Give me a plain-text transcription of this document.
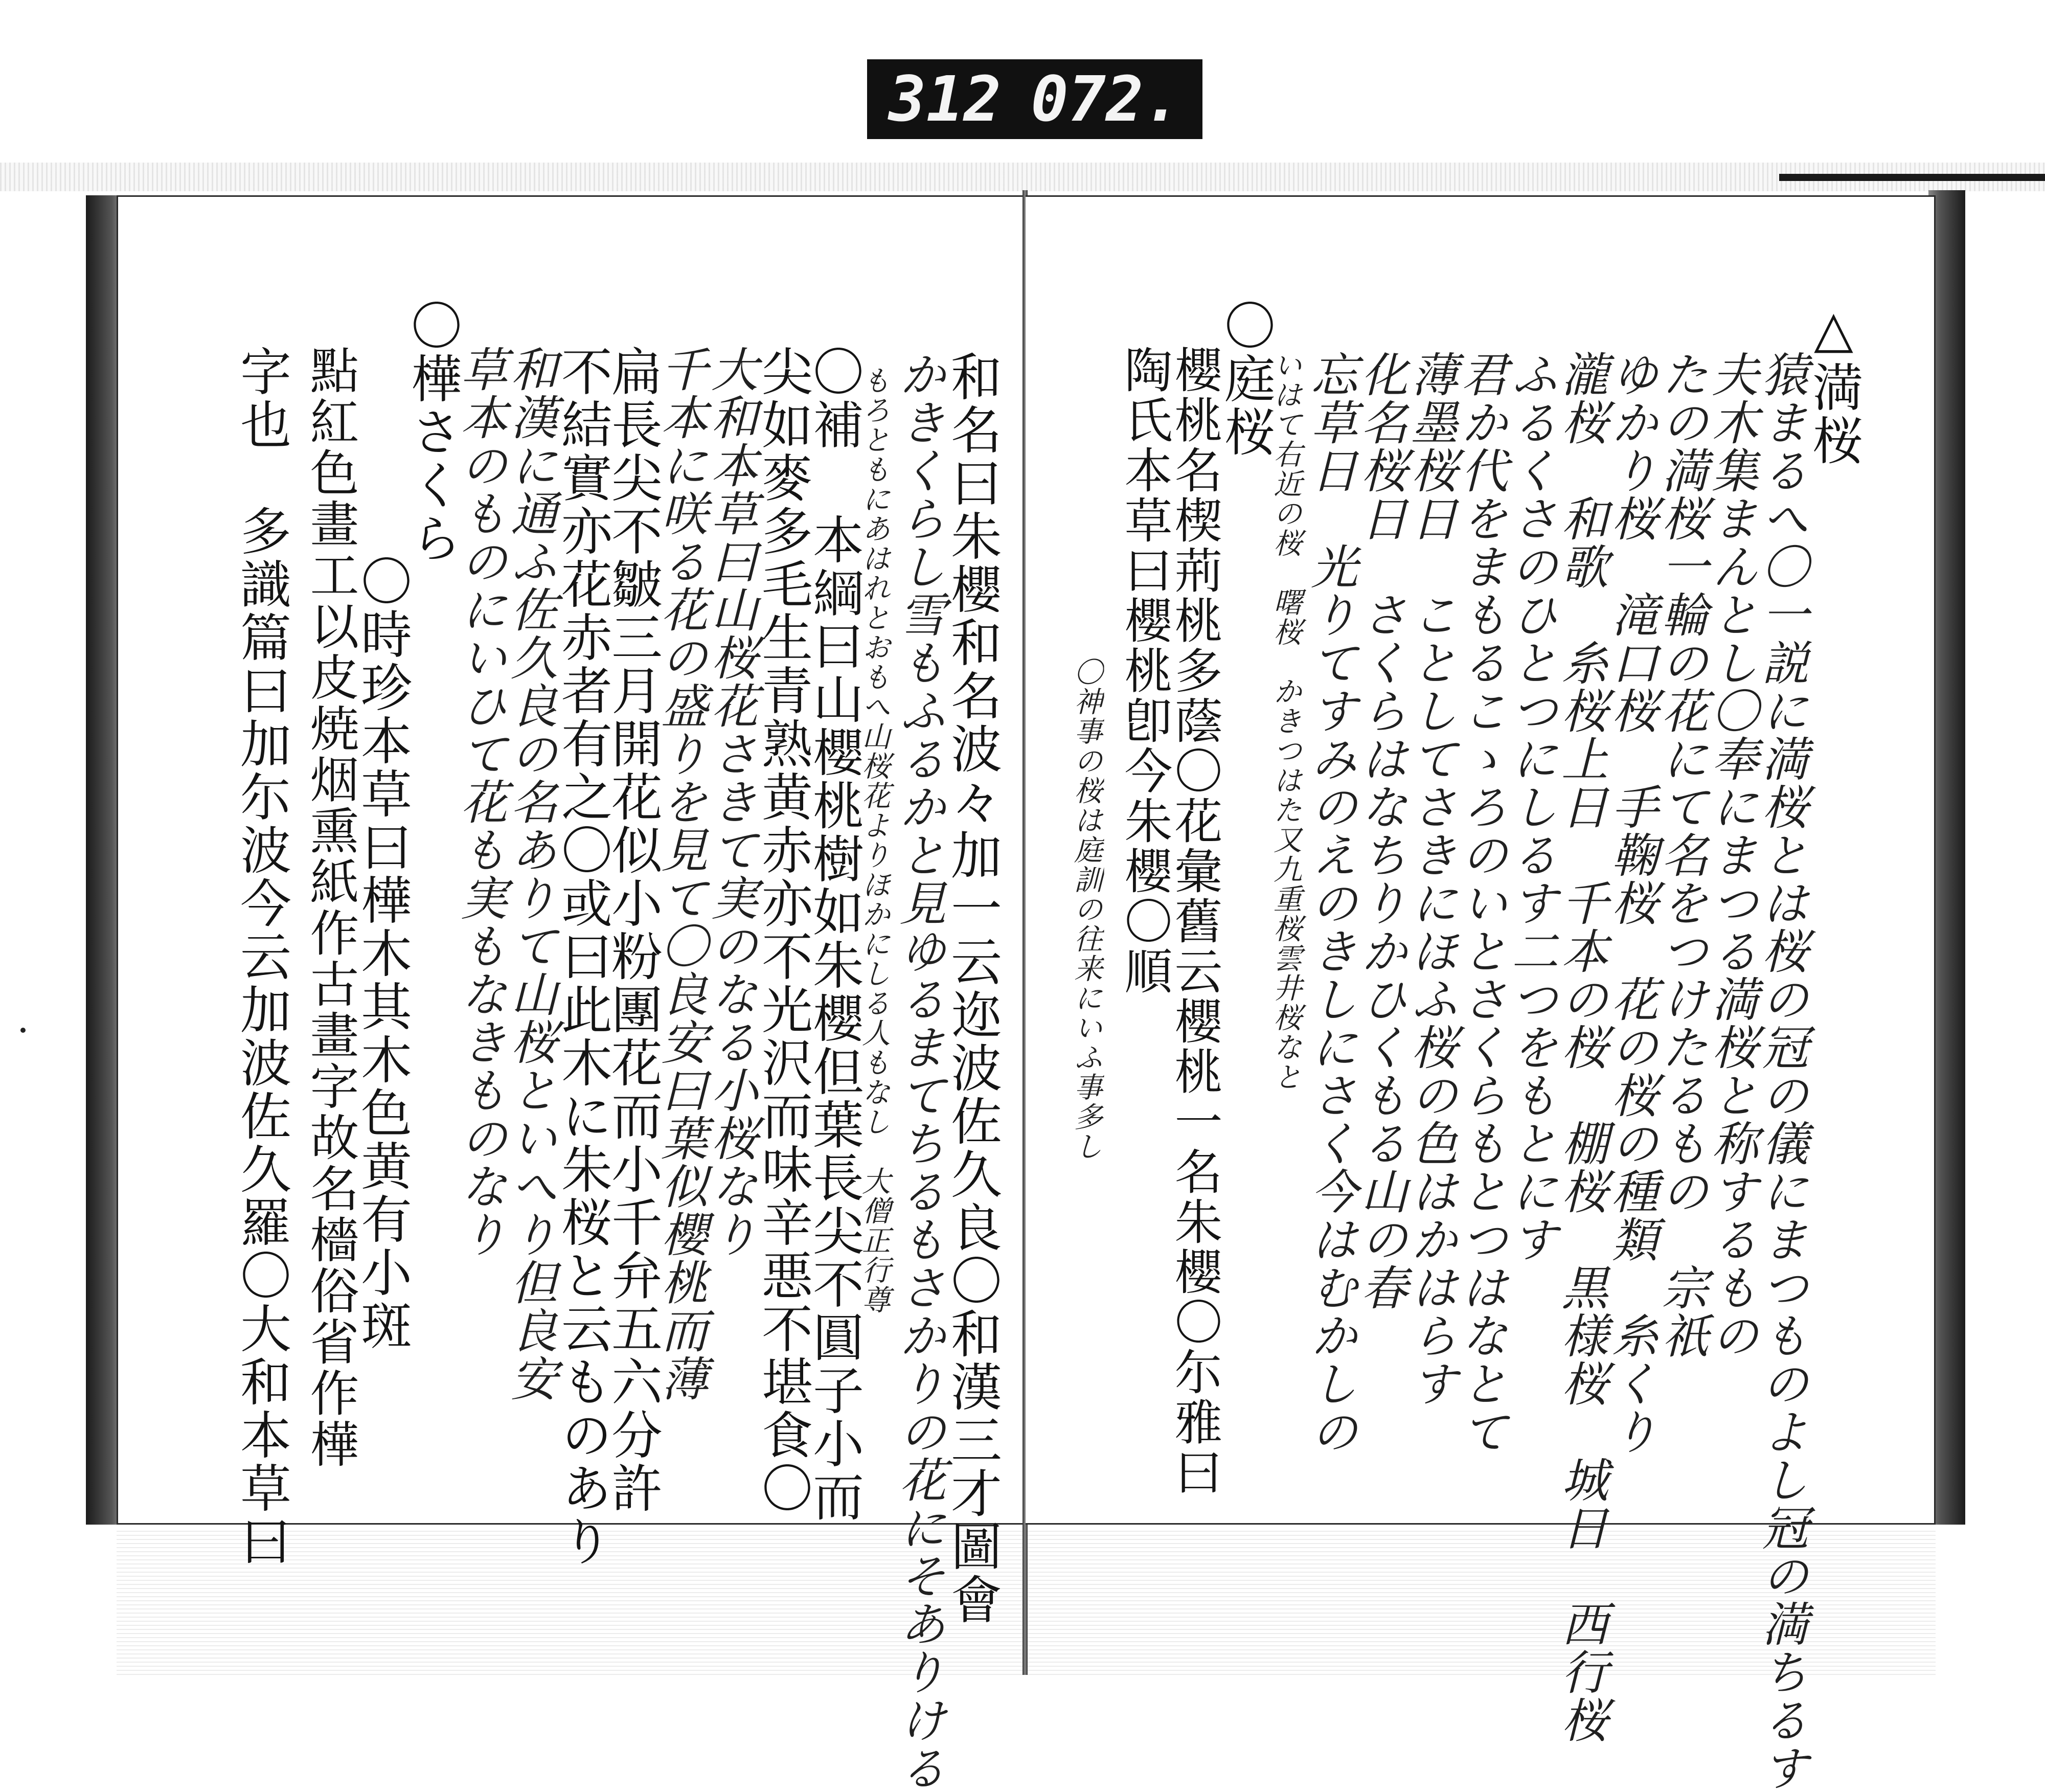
312 072.
和名曰朱櫻和名波々加一云迩波佐久良〇和漢三才圖會
かきくらし雪もふるかと見ゆるまてちるもさかりの花にそありける
もろともにあはれとおもへ山桜花よりほかにしる人もなし　大僧正行尊
〇補 本綱曰山櫻桃樹如朱櫻但葉長尖不圓子小而
尖如麥多毛生青熟黄赤亦不光沢而味辛悪不堪食〇
大和本草曰山桜花さきて実のなる小桜なり
千本に咲る花の盛りを見て〇良安曰葉似櫻桃而薄
扁長尖不皺三月開花似小粉團花而小千弁五六分許
不結實亦花赤者有之〇或曰此木に朱桜と云ものあり
和漢に通ふ佐久良の名ありて山桜といへり但良安
草本のものにいひて花も実もなきものなり
〇樺さくら
〇時珍本草曰樺木其木色黄有小斑
點紅色畫工以皮焼烟熏紙作古畫字故名檣俗省作樺
字也　多識篇曰加尓波今云加波佐久羅〇大和本草曰	△満桜
猿まるへ〇一説に満桜とは桜の冠の儀にまつものよし冠の満ちるす
夫木集まんとし〇奉にまつる満桜と称するもの
たの満桜一輪の花にて名をつけたるもの　宗祇
ゆかり桜　滝口桜　手鞠桜　花の桜の種類　糸くり
瀧桜　和歌　糸桜上日　千本の桜　棚桜　黒様桜　城日　西行桜
ふるくさのひとつにしるす二つをもとにす
君か代をまもるこゝろのいとさくらもとつはなとて
薄墨桜日　ことしてさきにほふ桜の色はかはらす
化名桜日　さくらはなちりかひくもる山の春
忘草日　光りてすみのえのきしにさく今はむかしの
いはて右近の桜　曙桜　かきつはた又九重桜雲井桜なと
〇庭桜
櫻桃名楔荊桃多蔭〇花彙舊云櫻桃一名朱櫻〇尓雅曰
陶氏本草曰櫻桃卽今朱櫻〇順
〇神事の桜は庭訓の往来にいふ事多し
